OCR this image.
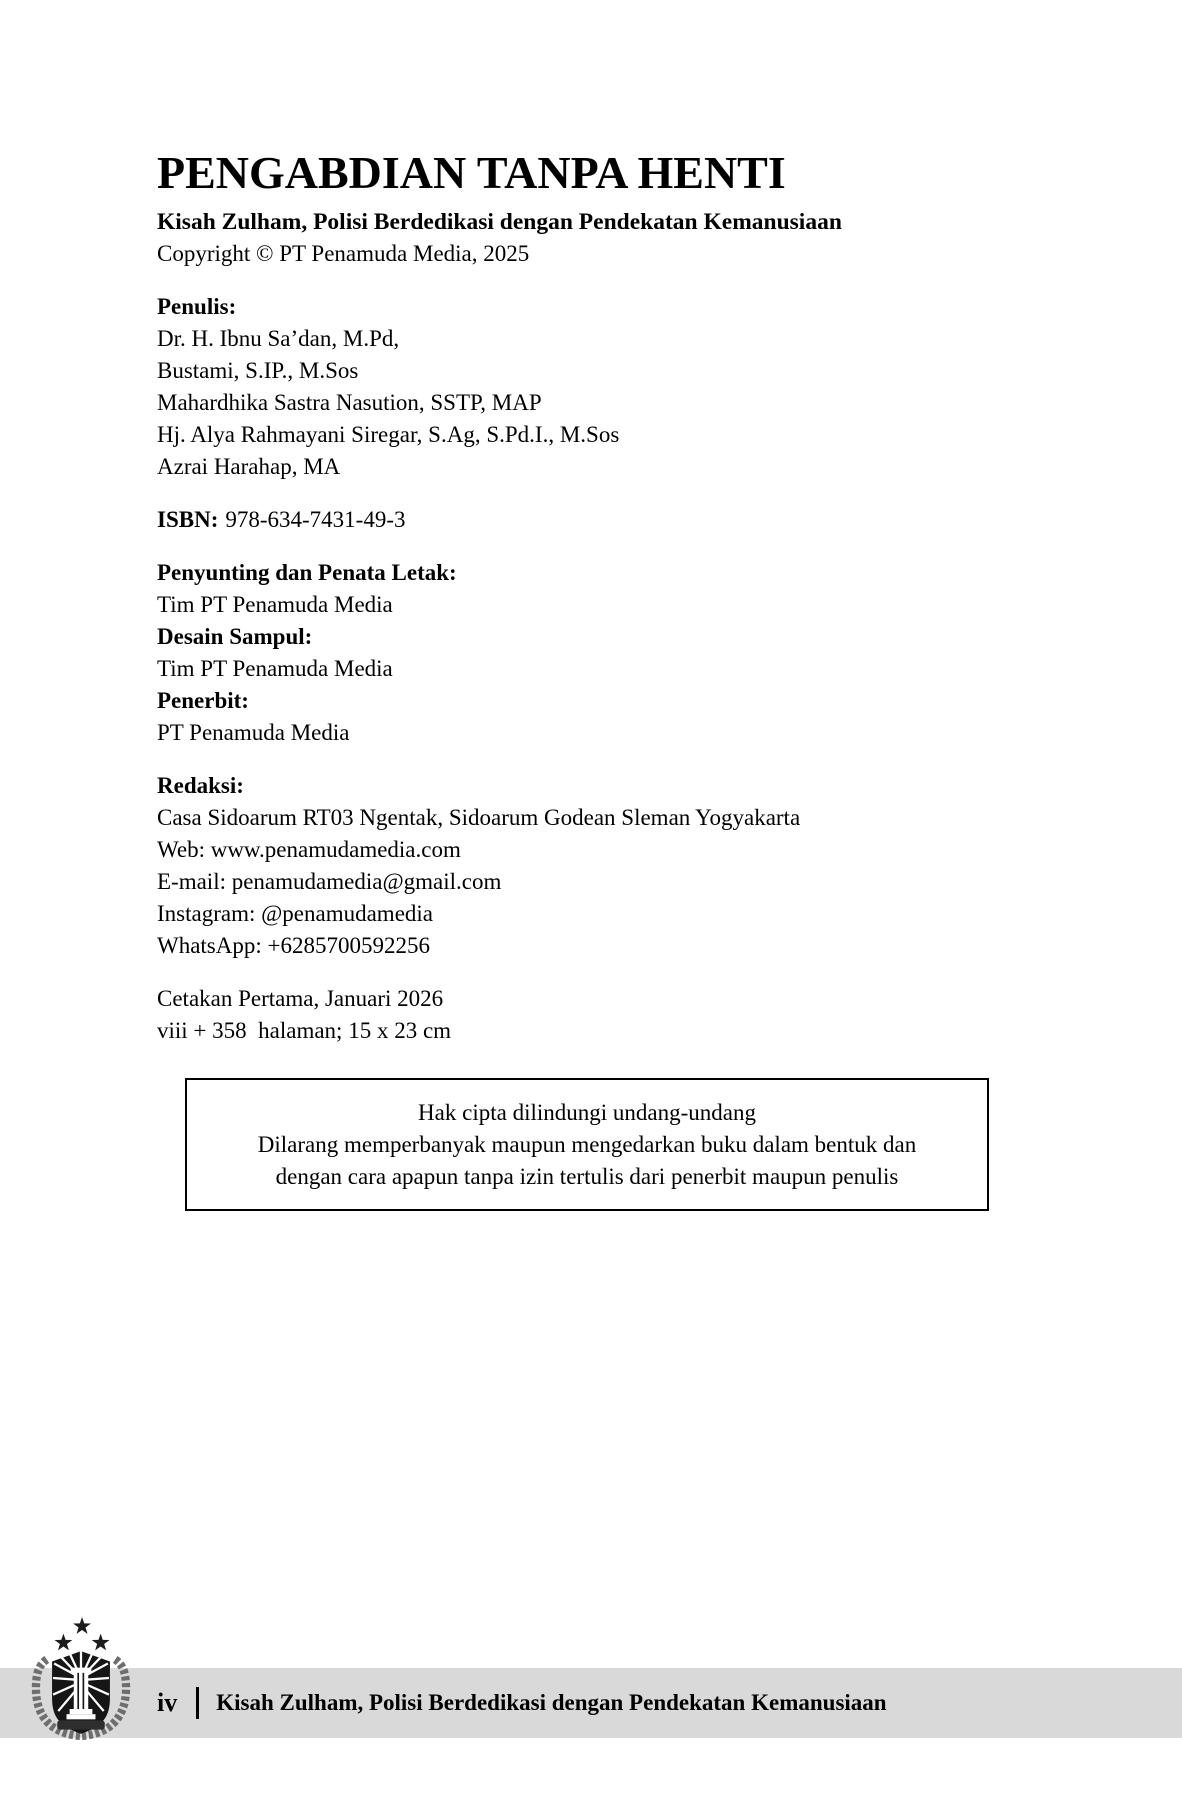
PENGABDIAN TANPA HENTI
Kisah Zulham, Polisi Berdedikasi dengan Pendekatan Kemanusiaan
Copyright © PT Penamuda Media, 2025
Penulis:
Dr. H. Ibnu Sa’dan, M.Pd,
Bustami, S.IP., M.Sos
Mahardhika Sastra Nasution, SSTP, MAP
Hj. Alya Rahmayani Siregar, S.Ag, S.Pd.I., M.Sos
Azrai Harahap, MA
ISBN: 978-634-7431-49-3
Penyunting dan Penata Letak:
Tim PT Penamuda Media
Desain Sampul:
Tim PT Penamuda Media
Penerbit:
PT Penamuda Media
Redaksi:
Casa Sidoarum RT03 Ngentak, Sidoarum Godean Sleman Yogyakarta
Web: www.penamudamedia.com
E-mail: penamudamedia@gmail.com
Instagram: @penamudamedia
WhatsApp: +6285700592256
Cetakan Pertama, Januari 2026
viii + 358  halaman; 15 x 23 cm
Hak cipta dilindungi undang-undang
Dilarang memperbanyak maupun mengedarkan buku dalam bentuk dan
dengan cara apapun tanpa izin tertulis dari penerbit maupun penulis
iv Kisah Zulham, Polisi Berdedikasi dengan Pendekatan Kemanusiaan
